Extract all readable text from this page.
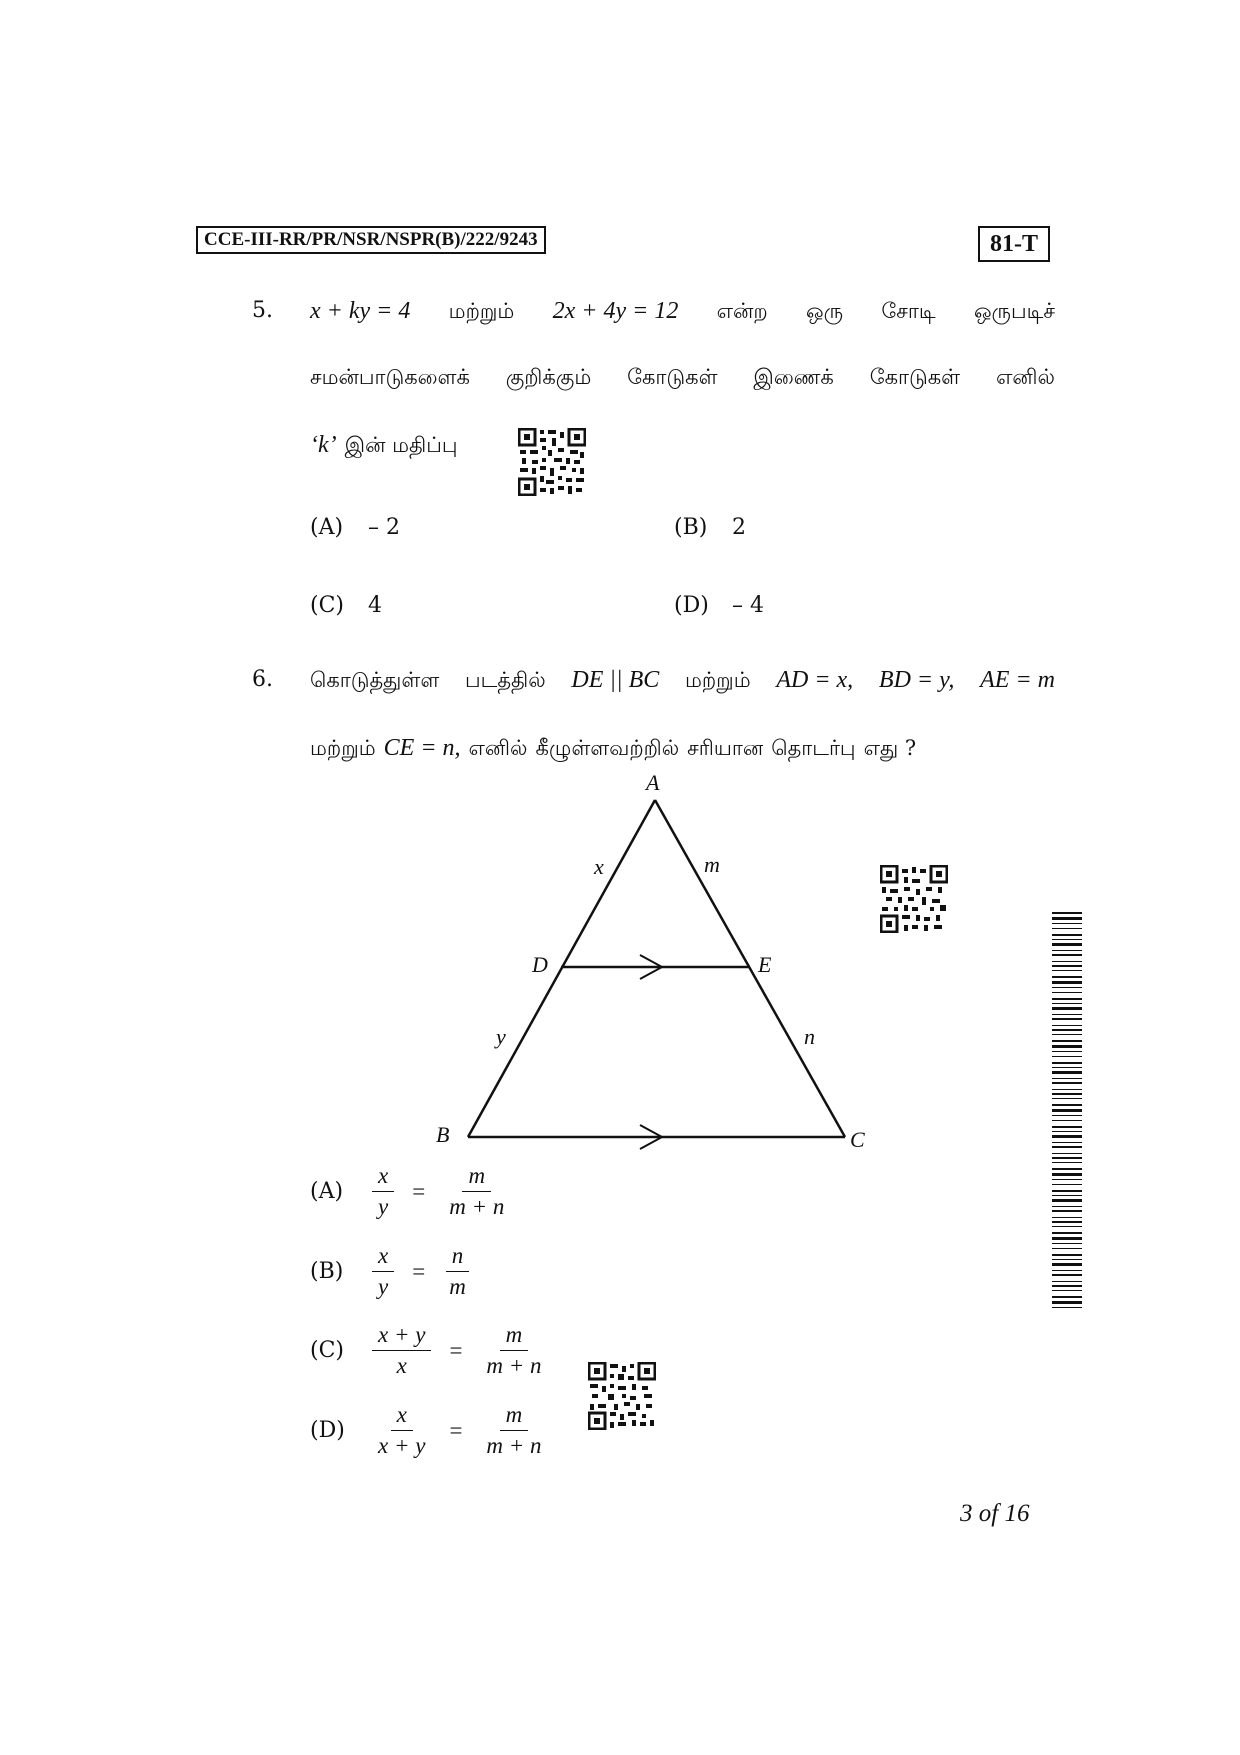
CCE-III-RR/PR/NSR/NSPR(B)/222/9243	81-T
5. x + ky = 4 மற்றும் 2x + 4y = 12 என்ற ஒரு சோடி ஒருபடிச்
சமன்பாடுகளைக் குறிக்கும் கோடுகள் இணைக் கோடுகள் எனில்
‘k’ இன் மதிப்பு
(A) – 2	(B) 2
(C) 4	(D) – 4
6. கொடுத்துள்ள படத்தில் DE || BC மற்றும் AD = x, BD = y, AE = m
மற்றும் CE = n, எனில் கீழுள்ளவற்றில் சரியான தொடர்பு எது ?
A
B	C
D	E
x
y
m
n
(A)	$\frac{x}{y} = \frac{m}{m + n}$
(B)	$\frac{x}{y} = \frac{n}{m}$
(C)	$\frac{x + y}{x} = \frac{m}{m + n}$
(D)	$\frac{x}{x + y} = \frac{m}{m + n}$
3 of 16
